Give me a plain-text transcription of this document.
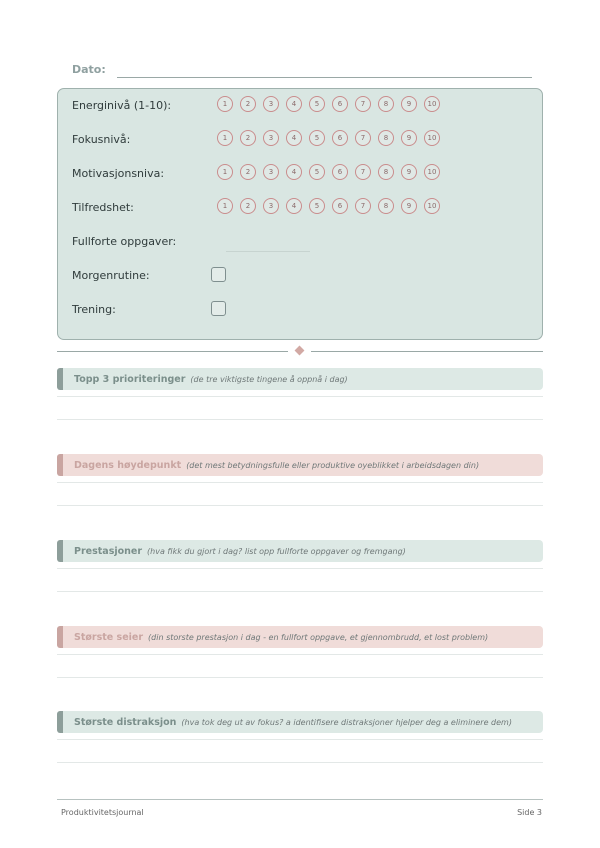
Dato:
Energinivå (1-10):	1	2	3	4	5	6	7	8	9	10
Fokusnivå:	1	2	3	4	5	6	7	8	9	10
Motivasjonsniva:	1	2	3	4	5	6	7	8	9	10
Tilfredshet:	1	2	3	4	5	6	7	8	9	10
Fullforte oppgaver:
Morgenrutine:
Trening:
Topp 3 prioriteringer (de tre viktigste tingene å oppnå i dag)
Dagens høydepunkt (det mest betydningsfulle eller produktive oyeblikket i arbeidsdagen din)
Prestasjoner (hva fikk du gjort i dag? list opp fullforte oppgaver og fremgang)
Største seier (din storste prestasjon i dag - en fullfort oppgave, et gjennombrudd, et lost problem)
Største distraksjon (hva tok deg ut av fokus? a identifisere distraksjoner hjelper deg a eliminere dem)
Produktivitetsjournal	Side 3
